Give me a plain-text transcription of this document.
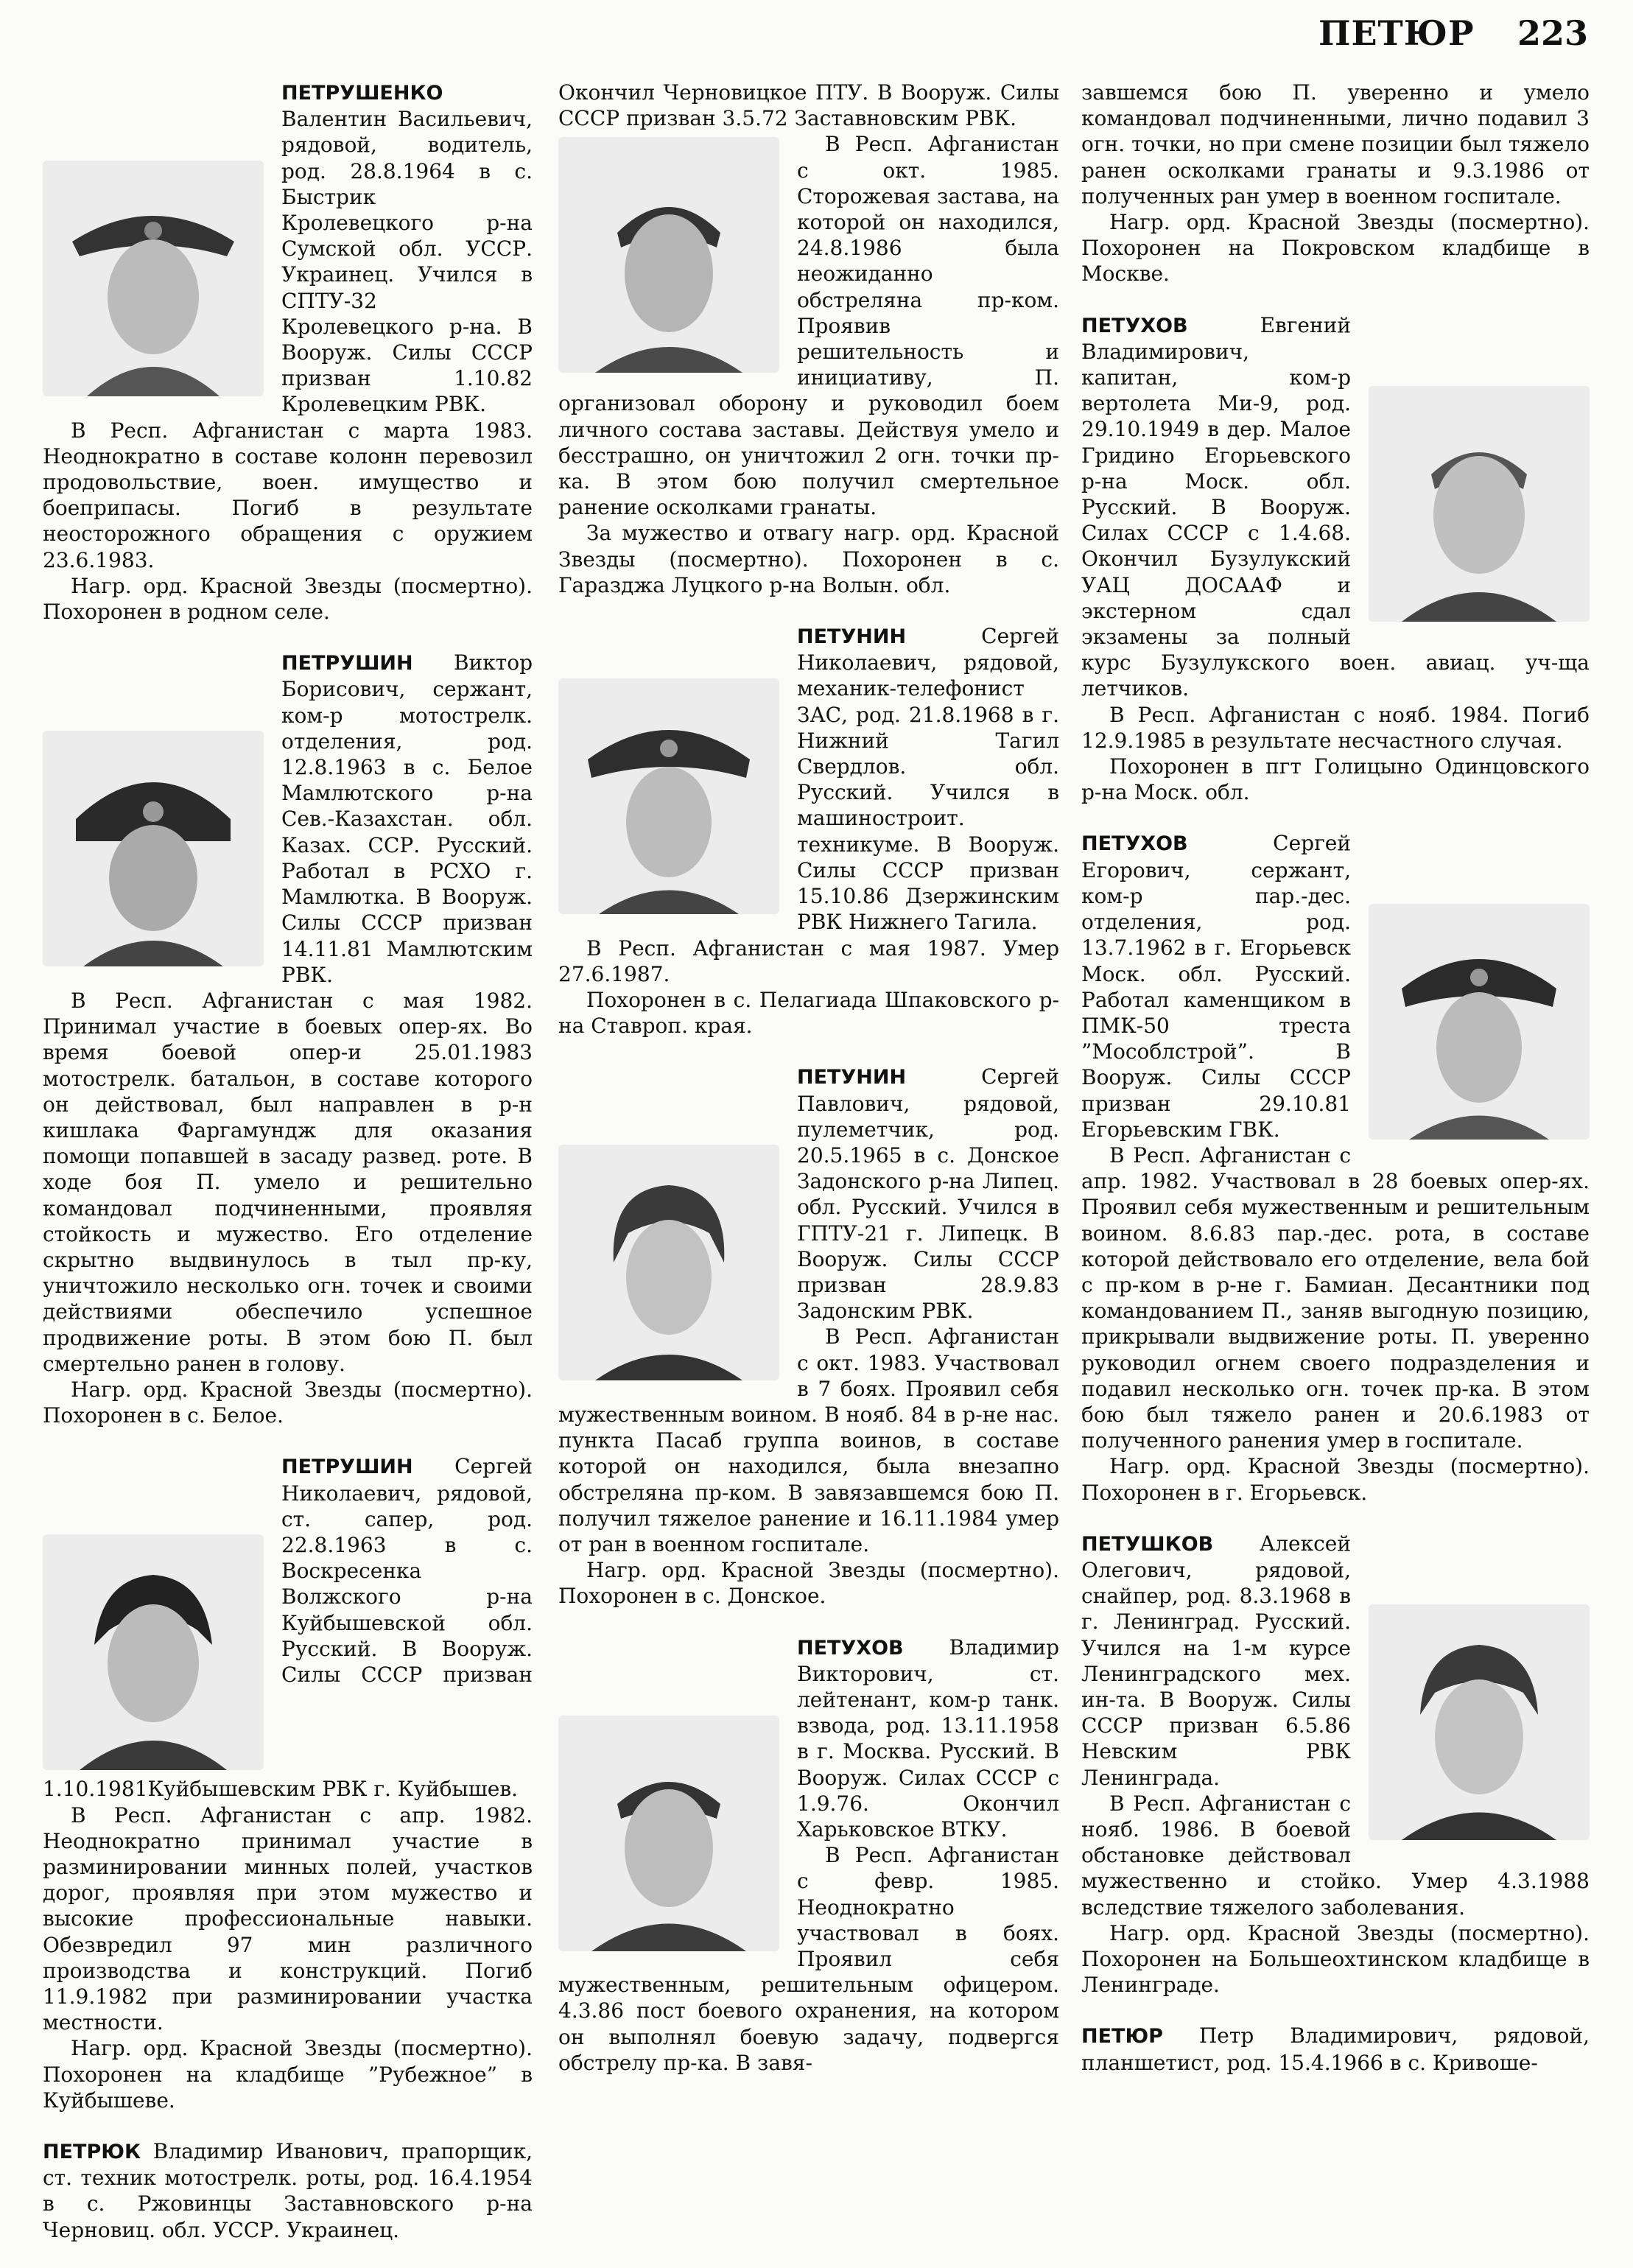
ПЕТЮР 223

ПЕТРУШЕНКО Валентин Васильевич, рядовой, водитель, род. 28.8.1964 в с. Быстрик Кролевецкого р-на Сумской обл. УССР. Украинец. Учился в СПТУ-32 Кролевецкого р-на. В Вооруж. Силы СССР призван 1.10.82 Кролевецким РВК.

В Респ. Афганистан с марта 1983. Неоднократно в составе колонн перевозил продовольствие, воен. имущество и боеприпасы. Погиб в результате неосторожного обращения с оружием 23.6.1983.

Нагр. орд. Красной Звезды (посмертно). Похоронен в родном селе.

ПЕТРУШИН Виктор Борисович, сержант, ком-р мотострелк. отделения, род. 12.8.1963 в с. Белое Мамлютского р-на Сев.-Казахстан. обл. Казах. ССР. Русский. Работал в РСХО г. Мамлютка. В Вооруж. Силы СССР призван 14.11.81 Мамлютским РВК.

В Респ. Афганистан с мая 1982. Принимал участие в боевых опер-ях. Во время боевой опер-и 25.01.1983 мотострелк. батальон, в составе которого он действовал, был направлен в р-н кишлака Фаргамундж для оказания помощи попавшей в засаду развед. роте. В ходе боя П. умело и решительно командовал подчиненными, проявляя стойкость и мужество. Его отделение скрытно выдвинулось в тыл пр-ку, уничтожило несколько огн. точек и своими действиями обеспечило успешное продвижение роты. В этом бою П. был смертельно ранен в голову.

Нагр. орд. Красной Звезды (посмертно). Похоронен в с. Белое.

ПЕТРУШИН Сергей Николаевич, рядовой, ст. сапер, род. 22.8.1963 в с. Воскресенка Волжского р-на Куйбышевской обл. Русский. В Вооруж. Силы СССР призван 1.10.1981Куйбышевским РВК г. Куйбышев.

В Респ. Афганистан с апр. 1982. Неоднократно принимал участие в разминировании минных полей, участков дорог, проявляя при этом мужество и высокие профессиональные навыки. Обезвредил 97 мин различного производства и конструкций. Погиб 11.9.1982 при разминировании участка местности.

Нагр. орд. Красной Звезды (посмертно). Похоронен на кладбище ”Рубежное” в Куйбышеве.

ПЕТРЮК Владимир Иванович, прапорщик, ст. техник мотострелк. роты, род. 16.4.1954 в с. Ржовинцы Заставновского р-на Черновиц. обл. УССР. Украинец.

Окончил Черновицкое ПТУ. В Вооруж. Силы СССР призван 3.5.72 Заставновским РВК.

В Респ. Афганистан с окт. 1985. Сторожевая застава, на которой он находился, 24.8.1986 была неожиданно обстреляна пр-ком. Проявив решительность и инициативу, П. организовал оборону и руководил боем личного состава заставы. Действуя умело и бесстрашно, он уничтожил 2 огн. точки пр-ка. В этом бою получил смертельное ранение осколками гранаты.

За мужество и отвагу нагр. орд. Красной Звезды (посмертно). Похоронен в с. Гаразджа Луцкого р-на Волын. обл.

ПЕТУНИН	Сергей Николаевич, рядовой, механик-телефонист ЗАС, род. 21.8.1968 в г. Нижний Тагил Свердлов. обл. Русский. Учился в машиностроит. техникуме. В Вооруж. Силы СССР призван 15.10.86 Дзержинским РВК Нижнего Тагила.

В Респ. Афганистан с мая 1987. Умер 27.6.1987.

Похоронен в с. Пелагиада Шпаковского р-на Ставроп. края.

ПЕТУНИН	Сергей Павлович, рядовой, пулеметчик, род. 20.5.1965 в с. Донское Задонского р-на Липец. обл. Русский. Учился в ГПТУ-21 г. Липецк. В Вооруж. Силы СССР призван 28.9.83 Задонским РВК.

В Респ. Афганистан с окт. 1983. Участвовал в 7 боях. Проявил себя мужественным воином. В нояб. 84 в р-не нас. пункта Пасаб группа воинов, в составе которой он находился, была внезапно обстреляна пр-ком. В завязавшемся бою П. получил тяжелое ранение и 16.11.1984 умер от ран в военном госпитале.

Нагр. орд. Красной Звезды (посмертно). Похоронен в с. Донское.

ПЕТУХОВ Владимир Викторович, ст. лейтенант, ком-р танк. взвода, род. 13.11.1958 в г. Москва. Русский. В Вооруж. Силах СССР с 1.9.76. Окончил Харьковское ВТКУ.

В Респ. Афганистан с февр. 1985. Неоднократно участвовал в боях. Проявил себя мужественным, решительным офицером. 4.3.86 пост боевого охранения, на котором он выполнял боевую задачу, подвергся обстрелу пр-ка. В завя-

завшемся бою П. уверенно и умело командовал подчиненными, лично подавил 3 огн. точки, но при смене позиции был тяжело ранен осколками гранаты и 9.3.1986 от полученных ран умер в военном госпитале.

Нагр. орд. Красной Звезды (посмертно). Похоронен на Покровском кладбище в Москве.

ПЕТУХОВ	Евгений Владимирович, капитан, ком-р вертолета Ми-9, род. 29.10.1949 в дер. Малое Гридино Егорьевского р-на Моск. обл. Русский. В Вооруж. Силах СССР с 1.4.68. Окончил Бузулукский УАЦ ДОСААФ и экстерном сдал экзамены за полный курс Бузулукского воен. авиац. уч-ща летчиков.

В Респ. Афганистан с нояб. 1984. Погиб 12.9.1985 в результате несчастного случая.

Похоронен в пгт Голицыно Одинцовского р-на Моск. обл.

ПЕТУХОВ	Сергей Егорович, сержант, ком-р пар.-дес. отделения, род. 13.7.1962 в г. Егорьевск Моск. обл. Русский. Работал каменщиком в ПМК-50 треста ”Мособлстрой”. В Вооруж. Силы СССР призван 29.10.81 Егорьевским ГВК.

В Респ. Афганистан с апр. 1982. Участвовал в 28 боевых опер-ях. Проявил себя мужественным и решительным воином. 8.6.83 пар.-дес. рота, в составе которой действовало его отделение, вела бой с пр-ком в р-не г. Бамиан. Десантники под командованием П., заняв выгодную позицию, прикрывали выдвижение роты. П. уверенно руководил огнем своего подразделения и подавил несколько огн. точек пр-ка. В этом бою был тяжело ранен и 20.6.1983 от полученного ранения умер в госпитале.

Нагр. орд. Красной Звезды (посмертно). Похоронен в г. Егорьевск.

ПЕТУШКОВ Алексей Олегович, рядовой, снайпер, род. 8.3.1968 в г. Ленинград. Русский. Учился на 1-м курсе Ленинградского мех. ин-та. В Вооруж. Силы СССР призван 6.5.86 Невским РВК Ленинграда.

В Респ. Афганистан с нояб. 1986. В боевой обстановке действовал мужественно и стойко. Умер 4.3.1988 вследствие тяжелого заболевания.

Нагр. орд. Красной Звезды (посмертно). Похоронен на Большеохтинском кладбище в Ленинграде.

ПЕТЮР Петр Владимирович, рядовой, планшетист, род. 15.4.1966 в с. Кривоше-
